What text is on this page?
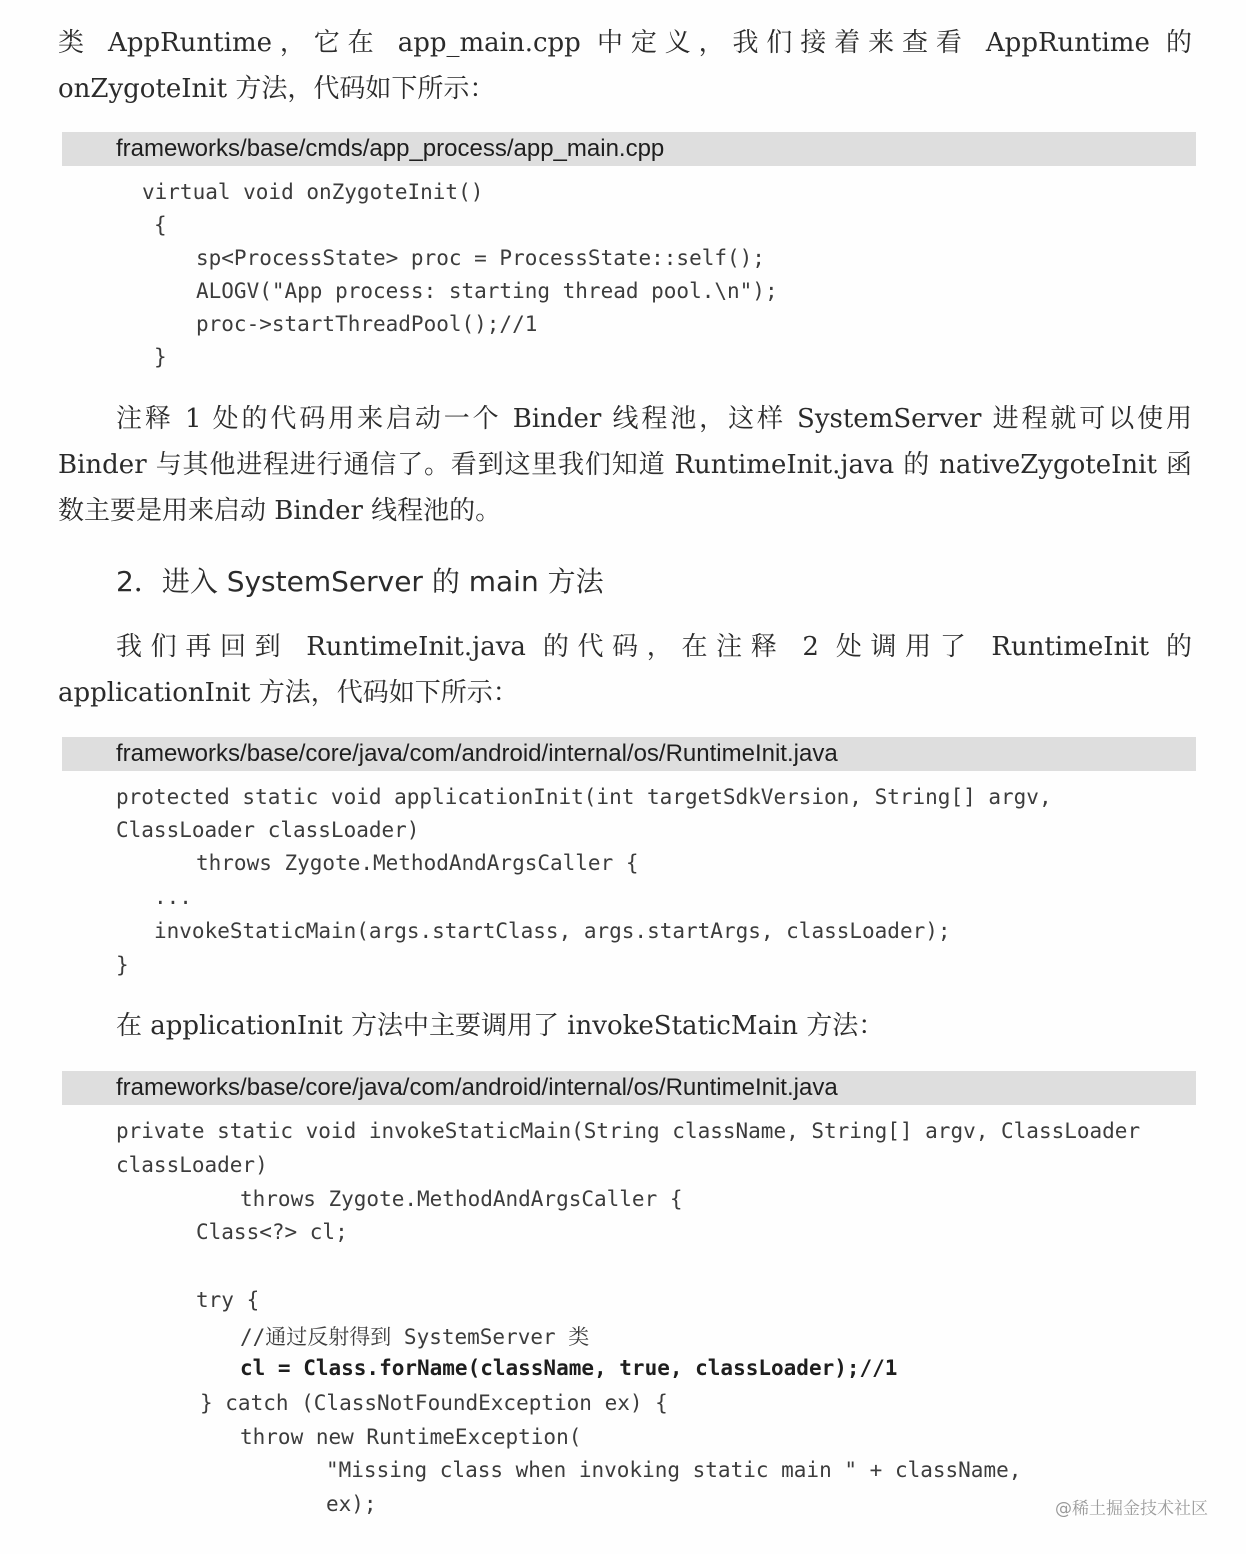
类 AppRuntime，它在 app_main.cpp 中定义，我们接着来查看 AppRuntime 的 onZygoteInit 方法，代码如下所示：

frameworks/base/cmds/app_process/app_main.cpp
virtual void onZygoteInit()
{
sp<ProcessState> proc = ProcessState::self();
ALOGV("App process: starting thread pool.\n");
proc->startThreadPool();//1
}

注释 1 处的代码用来启动一个 Binder 线程池，这样 SystemServer 进程就可以使用 Binder 与其他进程进行通信了。看到这里我们知道 RuntimeInit.java 的 nativeZygoteInit 函数主要是用来启动 Binder 线程池的。

2．进入 SystemServer 的 main 方法

我们再回到 RuntimeInit.java 的代码，在注释 2 处调用了 RuntimeInit 的 applicationInit 方法，代码如下所示：

frameworks/base/core/java/com/android/internal/os/RuntimeInit.java
protected static void applicationInit(int targetSdkVersion, String[] argv,
ClassLoader classLoader)
throws Zygote.MethodAndArgsCaller {
...
invokeStaticMain(args.startClass, args.startArgs, classLoader);
}

在 applicationInit 方法中主要调用了 invokeStaticMain 方法：

frameworks/base/core/java/com/android/internal/os/RuntimeInit.java
private static void invokeStaticMain(String className, String[] argv, ClassLoader
classLoader)
throws Zygote.MethodAndArgsCaller {
Class<?> cl;
try {
//通过反射得到 SystemServer 类
cl = Class.forName(className, true, classLoader);//1
} catch (ClassNotFoundException ex) {
throw new RuntimeException(
"Missing class when invoking static main " + className,
ex);	@稀土掘金技术社区
